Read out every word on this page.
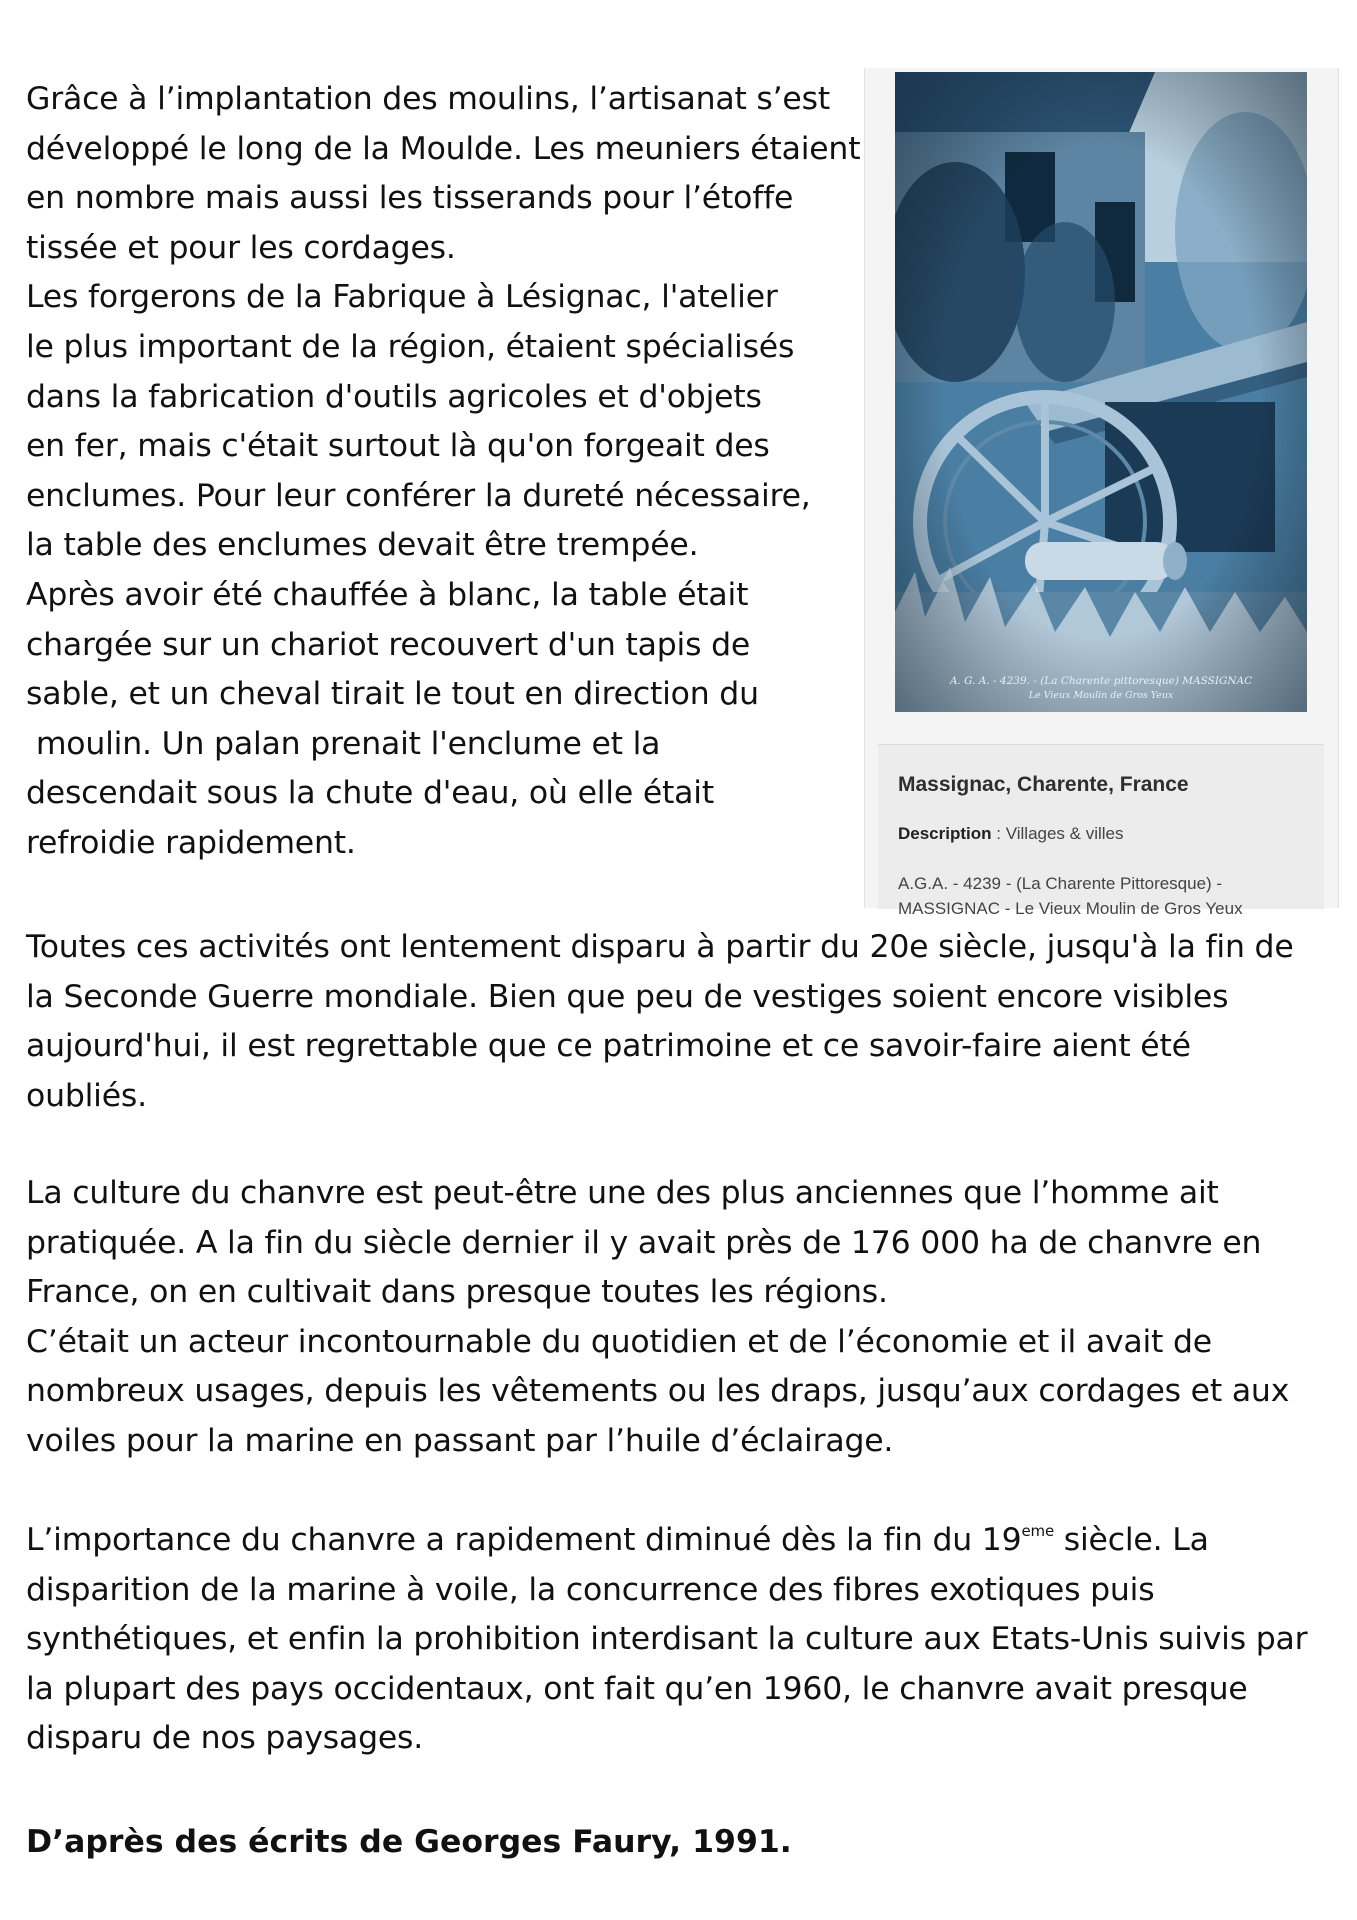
Grâce à l’implantation des moulins, l’artisanat s’est
développé le long de la Moulde. Les meuniers étaient
en nombre mais aussi les tisserands pour l’étoffe
tissée et pour les cordages.
Les forgerons de la Fabrique à Lésignac, l'atelier
le plus important de la région, étaient spécialisés
dans la fabrication d'outils agricoles et d'objets
en fer, mais c'était surtout là qu'on forgeait des
enclumes. Pour leur conférer la dureté nécessaire,
la table des enclumes devait être trempée.
Après avoir été chauffée à blanc, la table était
chargée sur un chariot recouvert d'un tapis de
sable, et un cheval tirait le tout en direction du
moulin. Un palan prenait l'enclume et la
descendait sous la chute d'eau, où elle était
refroidie rapidement.
A. G. A. - 4239. - (La Charente pittoresque) MASSIGNAC
Le Vieux Moulin de Gros Yeux
Massignac, Charente, France
Description : Villages & villes
A.G.A. - 4239 - (La Charente Pittoresque) -
MASSIGNAC - Le Vieux Moulin de Gros Yeux
Toutes ces activités ont lentement disparu à partir du 20e siècle, jusqu'à la fin de
la Seconde Guerre mondiale. Bien que peu de vestiges soient encore visibles
aujourd'hui, il est regrettable que ce patrimoine et ce savoir-faire aient été
oubliés.
La culture du chanvre est peut-être une des plus anciennes que l’homme ait
pratiquée. A la fin du siècle dernier il y avait près de 176 000 ha de chanvre en
France, on en cultivait dans presque toutes les régions.
C’était un acteur incontournable du quotidien et de l’économie et il avait de
nombreux usages, depuis les vêtements ou les draps, jusqu’aux cordages et aux
voiles pour la marine en passant par l’huile d’éclairage.
L’importance du chanvre a rapidement diminué dès la fin du 19eme siècle. La
disparition de la marine à voile, la concurrence des fibres exotiques puis
synthétiques, et enfin la prohibition interdisant la culture aux Etats-Unis suivis par
la plupart des pays occidentaux, ont fait qu’en 1960, le chanvre avait presque
disparu de nos paysages.
D’après des écrits de Georges Faury, 1991.
